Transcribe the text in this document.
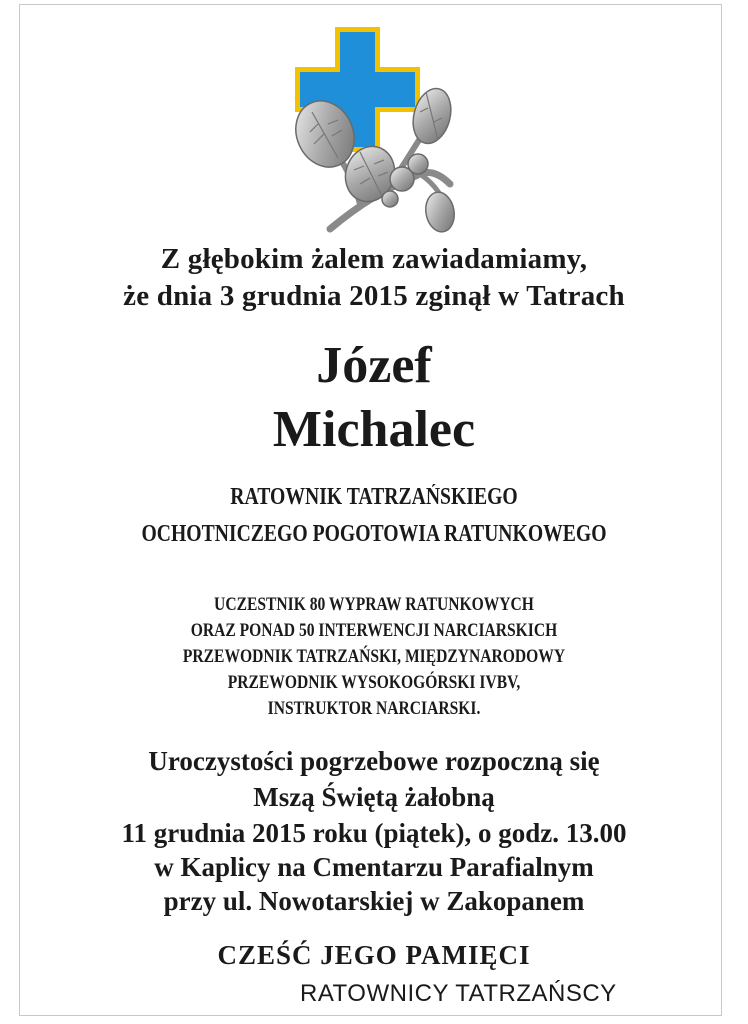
Z głębokim żalem zawiadamiamy,
że dnia 3 grudnia 2015 zginął w Tatrach
Józef
Michalec
RATOWNIK TATRZAŃSKIEGO
OCHOTNICZEGO POGOTOWIA RATUNKOWEGO
UCZESTNIK 80 WYPRAW RATUNKOWYCH
ORAZ PONAD 50 INTERWENCJI NARCIARSKICH
PRZEWODNIK TATRZAŃSKI, MIĘDZYNARODOWY
PRZEWODNIK WYSOKOGÓRSKI IVBV,
INSTRUKTOR NARCIARSKI.
Uroczystości pogrzebowe rozpoczną się
Mszą Świętą żałobną
11 grudnia 2015 roku (piątek), o godz. 13.00
w Kaplicy na Cmentarzu Parafialnym
przy ul. Nowotarskiej w Zakopanem
CZEŚĆ JEGO PAMIĘCI
RATOWNICY TATRZAŃSCY
